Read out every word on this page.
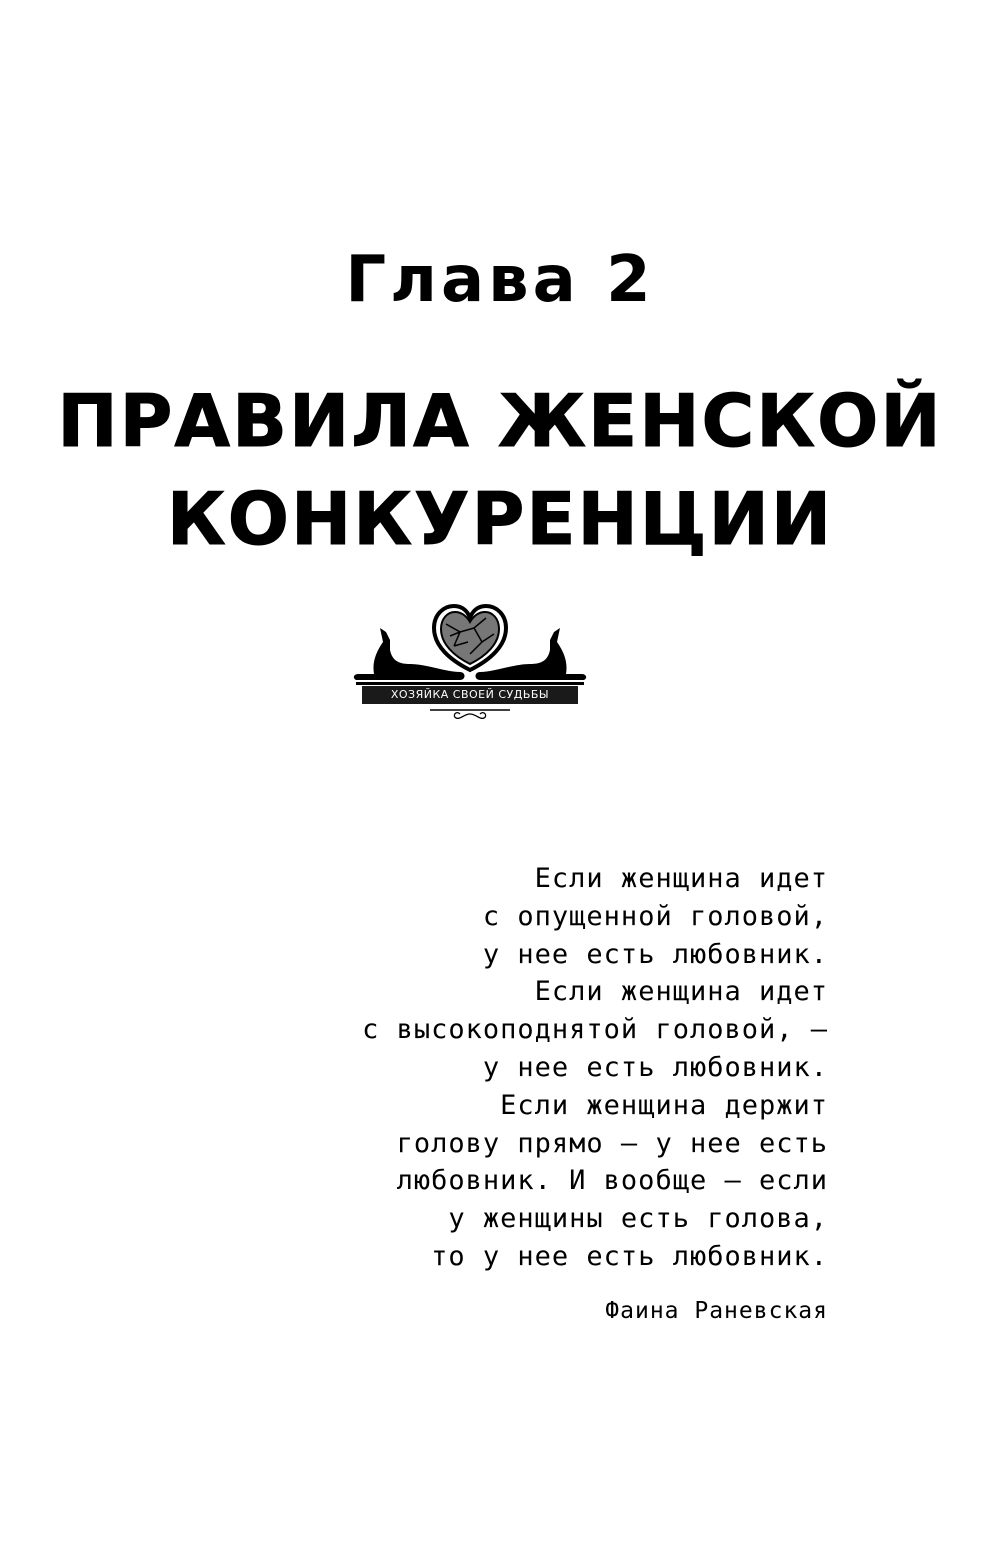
Глава 2
ПРАВИЛА ЖЕНСКОЙ
КОНКУРЕНЦИИ
ХОЗЯЙКА СВОЕЙ СУДЬБЫ
Если женщина идет
с опущенной головой,
у нее есть любовник.
Если женщина идет
с высокоподнятой головой, –
у нее есть любовник.
Если женщина держит
голову прямо – у нее есть
любовник. И вообще – если
у женщины есть голова,
то у нее есть любовник.
Фаина Раневская
